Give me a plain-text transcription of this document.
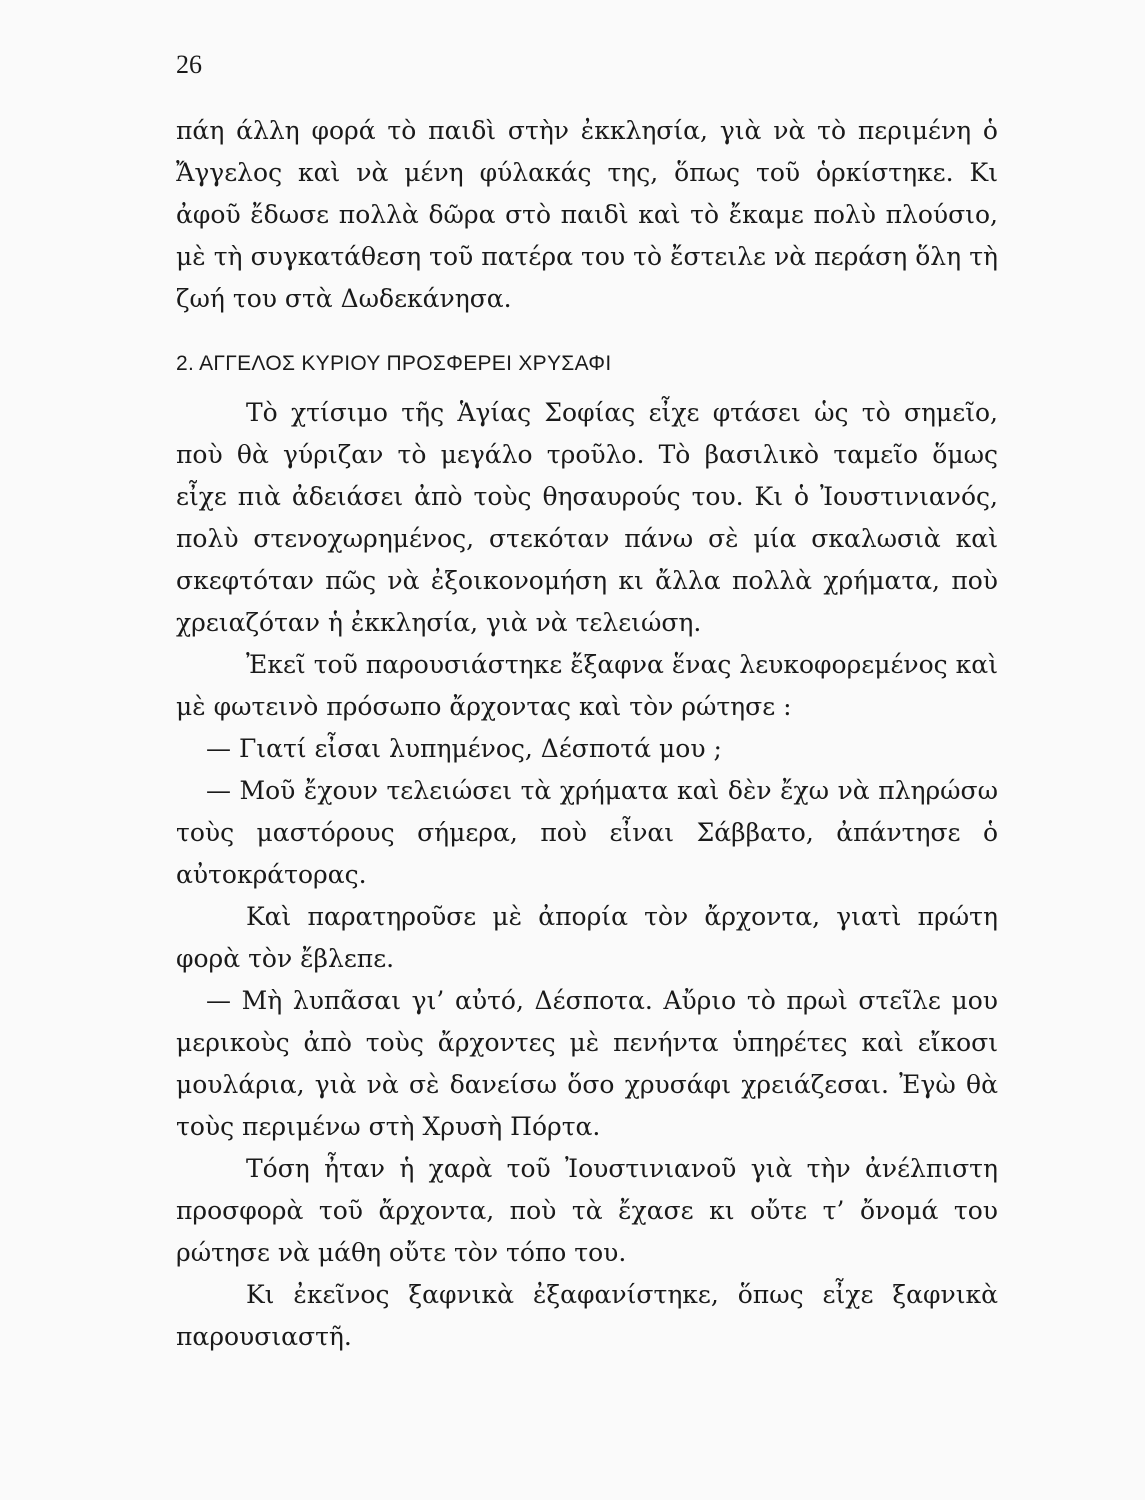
26

πάη άλλη φορά τὸ παιδὶ στὴν ἐκκλησία, γιὰ νὰ τὸ περιμένη ὁ Ἄγγελος καὶ νὰ μένη φύλακάς της, ὅπως τοῦ ὁρκίστηκε. Κι ἀφοῦ ἔδωσε πολλὰ δῶρα στὸ παιδὶ καὶ τὸ ἔκαμε πολὺ πλούσιο, μὲ τὴ συγκατάθεση τοῦ πατέρα του τὸ ἔστειλε νὰ περάση ὅλη τὴ ζωή του στὰ Δωδεκάνησα.

2. ΑΓΓΕΛΟΣ ΚΥΡΙΟΥ ΠΡΟΣΦΕΡΕΙ ΧΡΥΣΑΦΙ

Τὸ χτίσιμο τῆς Ἁγίας Σοφίας εἶχε φτάσει ὡς τὸ σημεῖο, ποὺ θὰ γύριζαν τὸ μεγάλο τροῦλο. Τὸ βασιλικὸ ταμεῖο ὅμως εἶχε πιὰ ἀδειάσει ἀπὸ τοὺς θησαυρούς του. Κι ὁ Ἰουστινιανός, πολὺ στενοχωρημένος, στεκόταν πάνω σὲ μία σκαλωσιὰ καὶ σκεφτόταν πῶς νὰ ἐξοικονομήση κι ἄλλα πολλὰ χρήματα, ποὺ χρειαζόταν ἡ ἐκκλησία, γιὰ νὰ τελειώση.

Ἐκεῖ τοῦ παρουσιάστηκε ἔξαφνα ἕνας λευκοφορεμένος καὶ μὲ φωτεινὸ πρόσωπο ἄρχοντας καὶ τὸν ρώτησε :

— Γιατί εἶσαι λυπημένος, Δέσποτά μου ;

— Μοῦ ἔχουν τελειώσει τὰ χρήματα καὶ δὲν ἔχω νὰ πληρώσω τοὺς μαστόρους σήμερα, ποὺ εἶναι Σάββατο, ἀπάντησε ὁ αὐτοκράτορας.

Καὶ παρατηροῦσε μὲ ἀπορία τὸν ἄρχοντα, γιατὶ πρώτη φορὰ τὸν ἔβλεπε.

— Μὴ λυπᾶσαι γι’ αὐτό, Δέσποτα. Αὔριο τὸ πρωὶ στεῖλε μου μερικοὺς ἀπὸ τοὺς ἄρχοντες μὲ πενήντα ὑπηρέτες καὶ εἴκοσι μουλάρια, γιὰ νὰ σὲ δανείσω ὅσο χρυσάφι χρειάζεσαι. Ἐγὼ θὰ τοὺς περιμένω στὴ Χρυσὴ Πόρτα.

Τόση ἦταν ἡ χαρὰ τοῦ Ἰουστινιανοῦ γιὰ τὴν ἀνέλπιστη προσφορὰ τοῦ ἄρχοντα, ποὺ τὰ ἔχασε κι οὔτε τ’ ὄνομά του ρώτησε νὰ μάθη οὔτε τὸν τόπο του.

Κι ἐκεῖνος ξαφνικὰ ἐξαφανίστηκε, ὅπως εἶχε ξαφνικὰ παρουσιαστῆ.
